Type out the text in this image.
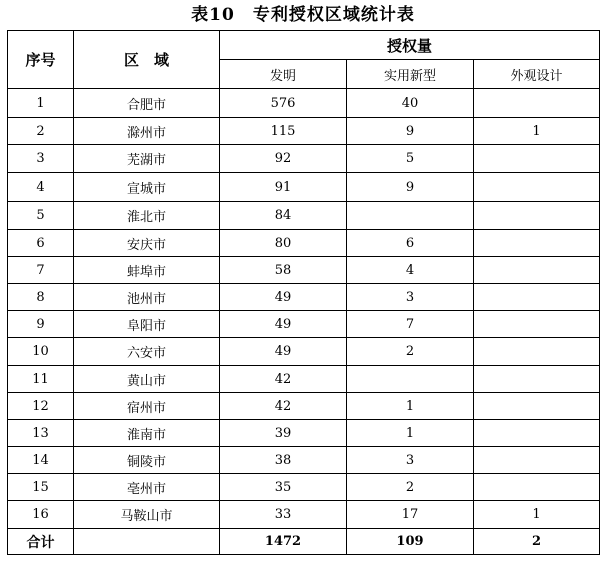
表10　专利授权区域统计表
序号	区　域	授权量		
		发明	实用新型	外观设计
1	合肥市	576	40	
2	滁州市	115	9	1
3	芜湖市	92	5	
4	宣城市	91	9	
5	淮北市	84		
6	安庆市	80	6	
7	蚌埠市	58	4	
8	池州市	49	3	
9	阜阳市	49	7	
10	六安市	49	2	
11	黄山市	42		
12	宿州市	42	1	
13	淮南市	39	1	
14	铜陵市	38	3	
15	亳州市	35	2	
16	马鞍山市	33	17	1
合计		1472	109	2
